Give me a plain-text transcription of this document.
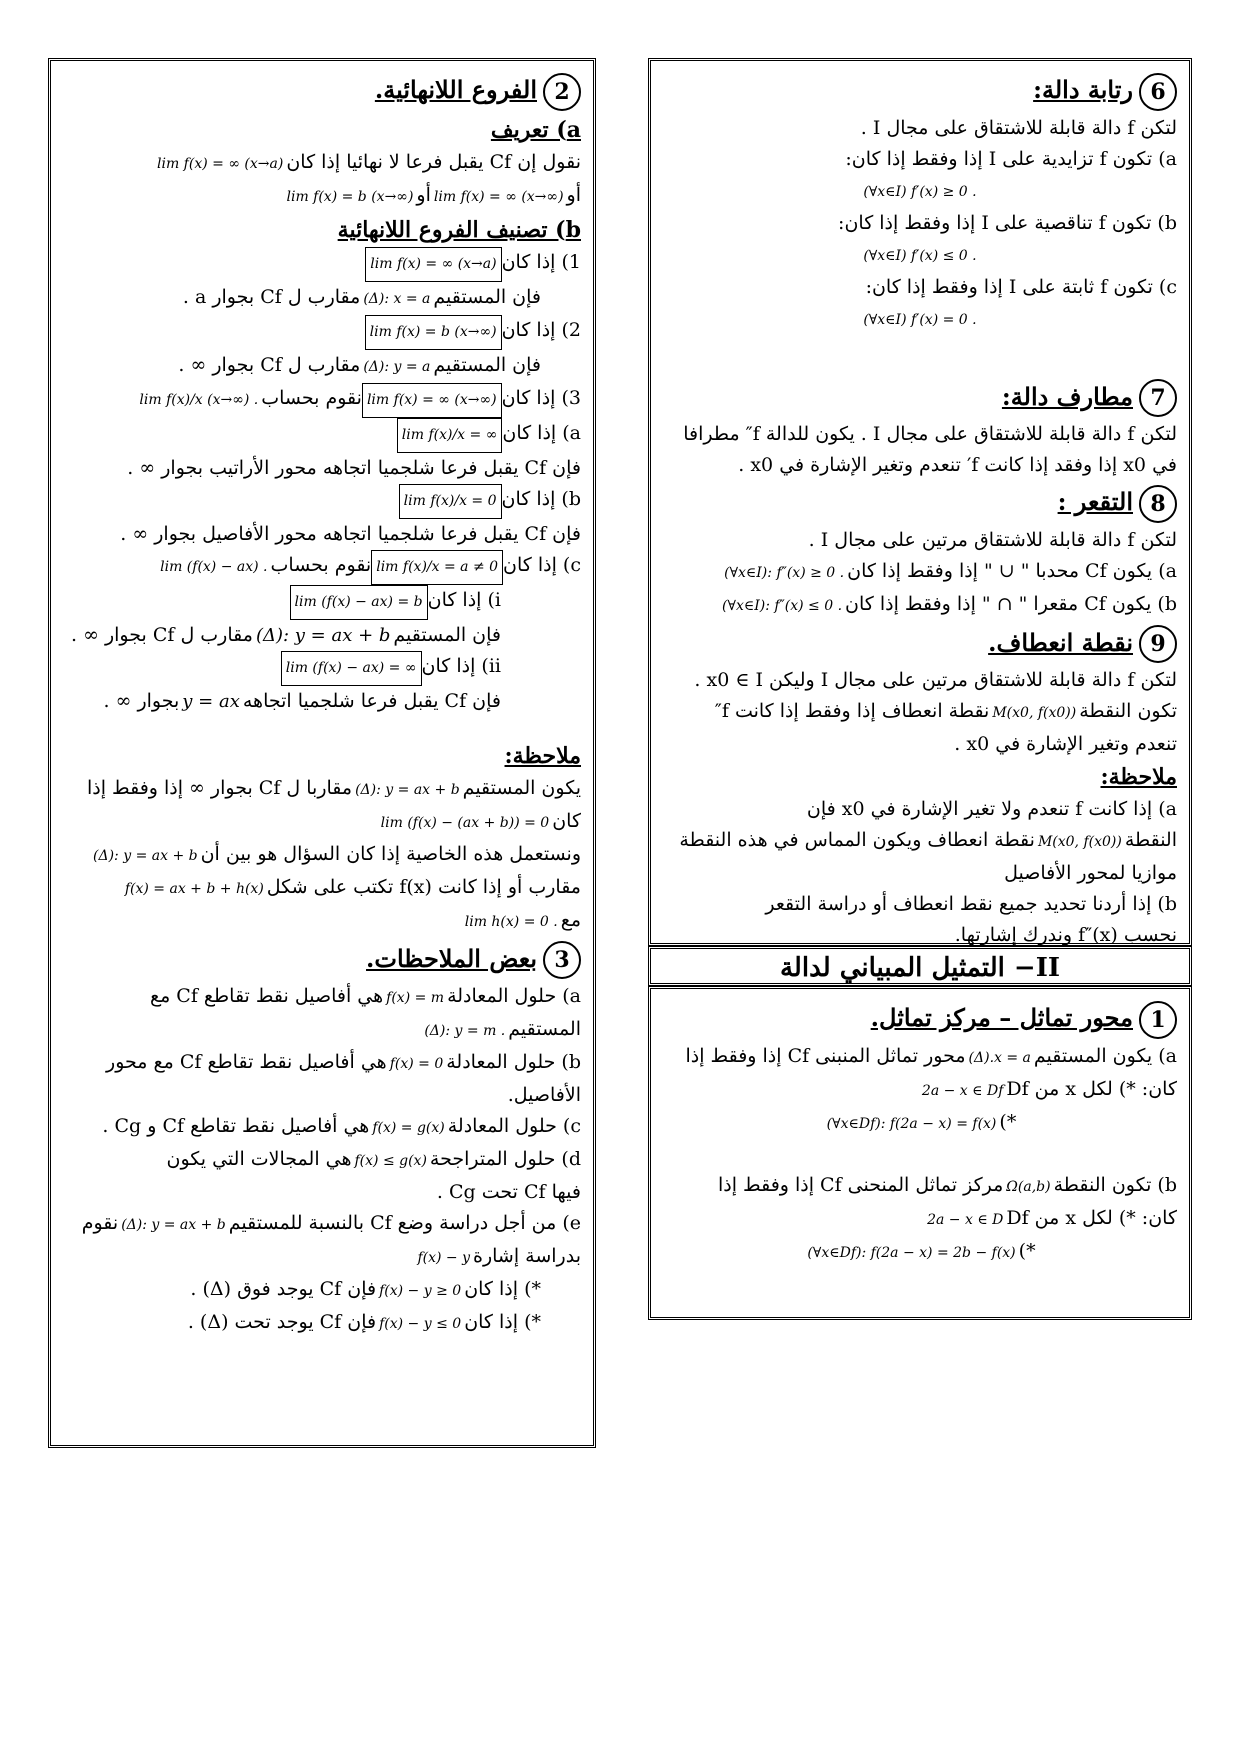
2الفروع اللانهائية.
a) تعريف

نقول إن Cf يقبل فرعا لا نهائيا إذا كانlim f(x) = ∞ (x→a)

أوlim f(x) = ∞ (x→∞)أوlim f(x) = b (x→∞)

b) تصنيف الفروع اللانهائية

1) إذا كانlim f(x) = ∞ (x→a)

فإن المستقيم(Δ): x = aمقارب ل Cf بجوار a .

2) إذا كانlim f(x) = b (x→∞)

فإن المستقيم(Δ): y = aمقارب ل Cf بجوار ∞ .

3) إذا كانlim f(x) = ∞ (x→∞)نقوم بحسابlim f(x)/x (x→∞) .

a) إذا كانlim f(x)/x = ∞

فإن Cf يقبل فرعا شلجميا اتجاهه محور الأراتيب بجوار ∞ .

b) إذا كانlim f(x)/x = 0

فإن Cf يقبل فرعا شلجميا اتجاهه محور الأفاصيل بجوار ∞ .

c) إذا كانlim f(x)/x = a ≠ 0نقوم بحسابlim (f(x) − ax) .

i) إذا كانlim (f(x) − ax) = b

فإن المستقيم(Δ): y = ax + bمقارب ل Cf بجوار ∞ .

ii) إذا كانlim (f(x) − ax) = ∞

فإن Cf يقبل فرعا شلجميا اتجاههy = axبجوار ∞ .

ملاحظة:

يكون المستقيم(Δ): y = ax + bمقاربا ل Cf بجوار ∞ إذا وفقط إذا

كانlim (f(x) − (ax + b)) = 0

ونستعمل هذه الخاصية إذا كان السؤال هو بين أن(Δ): y = ax + b

مقارب أو إذا كانت f(x) تكتب على شكلf(x) = ax + b + h(x)

معlim h(x) = 0 .

3بعض الملاحظات.

a) حلول المعادلةf(x) = mهي أفاصيل نقط تقاطع Cf مع

المستقيم(Δ): y = m .

b) حلول المعادلةf(x) = 0هي أفاصيل نقط تقاطع Cf مع محور

الأفاصيل.

c) حلول المعادلةf(x) = g(x)هي أفاصيل نقط تقاطع Cf و Cg .

d) حلول المتراجحةf(x) ≤ g(x)هي المجالات التي يكون

فيها Cf تحت Cg .

e) من أجل دراسة وضع Cf بالنسبة للمستقيم(Δ): y = ax + bنقوم

بدراسة إشارةf(x) − y

*) إذا كانf(x) − y ≥ 0فإن Cf يوجد فوق (Δ) .

*) إذا كانf(x) − y ≤ 0فإن Cf يوجد تحت (Δ) .

6رتابة دالة:

لتكن f دالة قابلة للاشتقاق على مجال I .

a) تكون f تزايدية على I إذا وفقط إذا كان:

(∀x∈I) f′(x) ≥ 0 .

b) تكون f تناقصية على I إذا وفقط إذا كان:

(∀x∈I) f′(x) ≤ 0 .

c) تكون f ثابتة على I إذا وفقط إذا كان:

(∀x∈I) f′(x) = 0 .

7مطارف دالة:

لتكن f دالة قابلة للاشتقاق على مجال I . يكون للدالة f″ مطرافا

في x0 إذا وفقد إذا كانت f′ تنعدم وتغير الإشارة في x0 .

8التقعر :

لتكن f دالة قابلة للاشتقاق مرتين على مجال I .

a) يكون Cf محدبا " ∪ " إذا وفقط إذا كان(∀x∈I): f″(x) ≥ 0 .

b) يكون Cf مقعرا " ∩ " إذا وفقط إذا كان(∀x∈I): f″(x) ≤ 0 .

9نقطة انعطاف.

لتكن f دالة قابلة للاشتقاق مرتين على مجال I وليكن x0 ∈ I .

تكون النقطةM(x0, f(x0))نقطة انعطاف إذا وفقط إذا كانت f″

تنعدم وتغير الإشارة في x0 .

ملاحظة:

a) إذا كانت f تنعدم ولا تغير الإشارة في x0 فإن

النقطةM(x0, f(x0))نقطة انعطاف ويكون المماس في هذه النقطة

موازيا لمحور الأفاصيل

b) إذا أردنا تحديد جميع نقط انعطاف أو دراسة التقعر

نحسب f″(x) وندرك إشارتها.

II− التمثيل المبياني لدالة

1محور تماثل – مركز تماثل.

a) يكون المستقيم(Δ).x = aمحور تماثل المنبنى Cf إذا وفقط إذا

كان: *) لكل x من Df2a − x ∈ Df

*)(∀x∈Df): f(2a − x) = f(x)

b) تكون النقطةΩ(a,b)مركز تماثل المنحنى Cf إذا وفقط إذا

كان: *) لكل x من Df2a − x ∈ D

*)(∀x∈Df): f(2a − x) = 2b − f(x)
